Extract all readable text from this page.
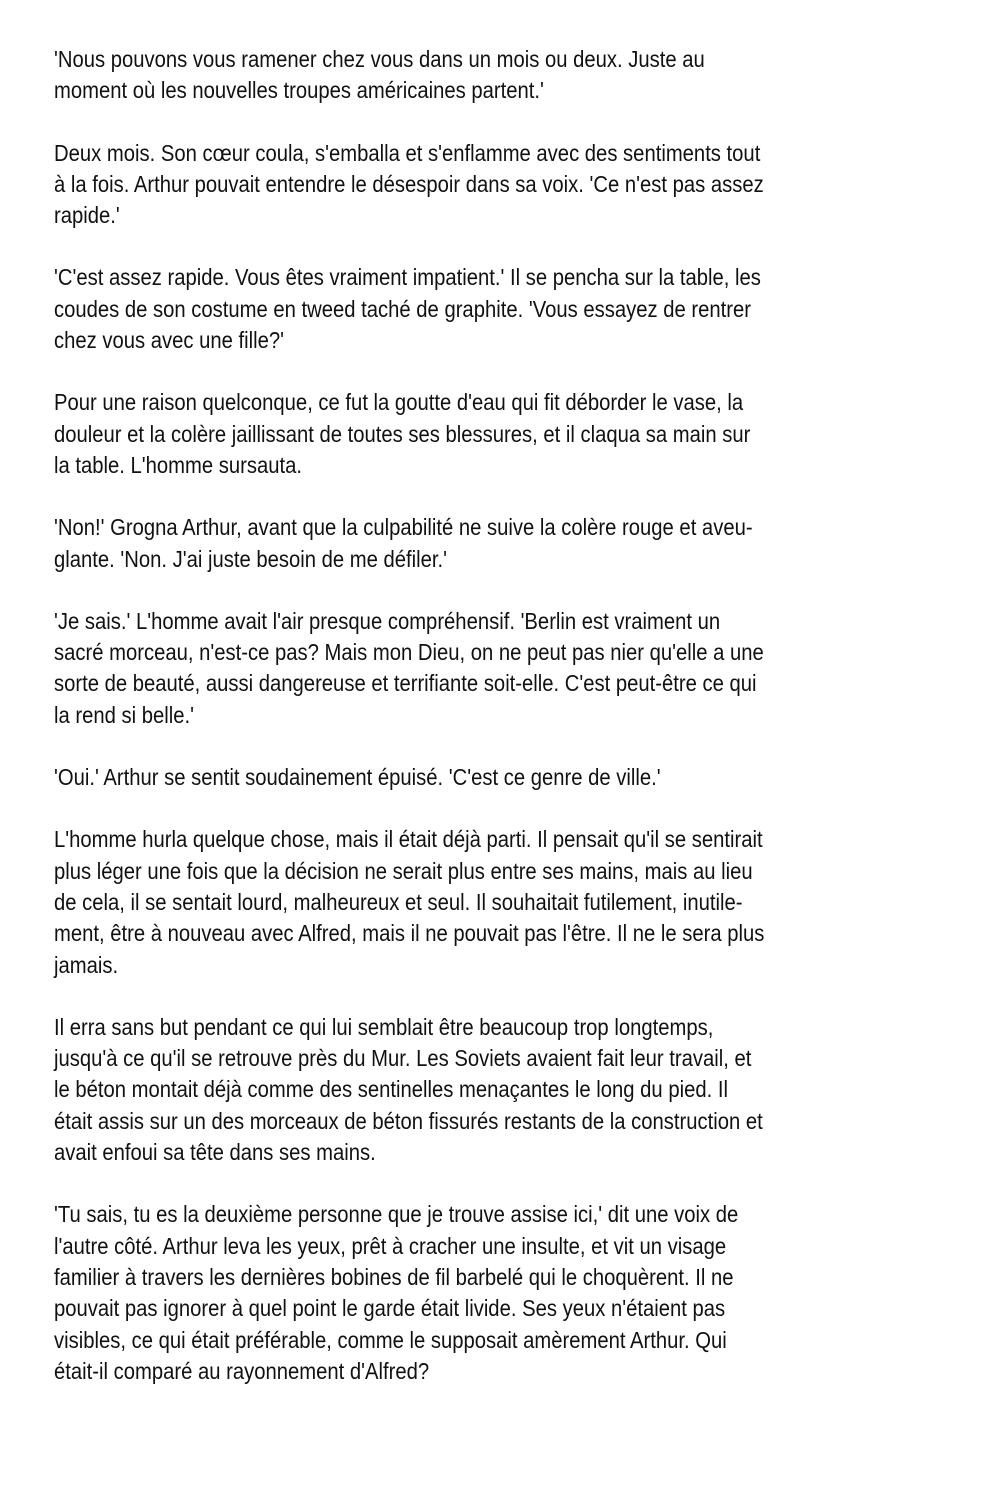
'Nous pouvons vous ramener chez vous dans un mois ou deux. Juste au
moment où les nouvelles troupes américaines partent.'

Deux mois. Son cœur coula, s'emballa et s'enflamme avec des sentiments tout
à la fois. Arthur pouvait entendre le désespoir dans sa voix. 'Ce n'est pas assez
rapide.'

'C'est assez rapide. Vous êtes vraiment impatient.' Il se pencha sur la table, les
coudes de son costume en tweed taché de graphite. 'Vous essayez de rentrer
chez vous avec une fille?'

Pour une raison quelconque, ce fut la goutte d'eau qui fit déborder le vase, la
douleur et la colère jaillissant de toutes ses blessures, et il claqua sa main sur
la table. L'homme sursauta.

'Non!' Grogna Arthur, avant que la culpabilité ne suive la colère rouge et aveu-
glante. 'Non. J'ai juste besoin de me défiler.'

'Je sais.' L'homme avait l'air presque compréhensif. 'Berlin est vraiment un
sacré morceau, n'est-ce pas? Mais mon Dieu, on ne peut pas nier qu'elle a une
sorte de beauté, aussi dangereuse et terrifiante soit-elle. C'est peut-être ce qui
la rend si belle.'

'Oui.' Arthur se sentit soudainement épuisé. 'C'est ce genre de ville.'

L'homme hurla quelque chose, mais il était déjà parti. Il pensait qu'il se sentirait
plus léger une fois que la décision ne serait plus entre ses mains, mais au lieu
de cela, il se sentait lourd, malheureux et seul. Il souhaitait futilement, inutile-
ment, être à nouveau avec Alfred, mais il ne pouvait pas l'être. Il ne le sera plus
jamais.

Il erra sans but pendant ce qui lui semblait être beaucoup trop longtemps,
jusqu'à ce qu'il se retrouve près du Mur. Les Soviets avaient fait leur travail, et
le béton montait déjà comme des sentinelles menaçantes le long du pied. Il
était assis sur un des morceaux de béton fissurés restants de la construction et
avait enfoui sa tête dans ses mains.

'Tu sais, tu es la deuxième personne que je trouve assise ici,' dit une voix de
l'autre côté. Arthur leva les yeux, prêt à cracher une insulte, et vit un visage
familier à travers les dernières bobines de fil barbelé qui le choquèrent. Il ne
pouvait pas ignorer à quel point le garde était livide. Ses yeux n'étaient pas
visibles, ce qui était préférable, comme le supposait amèrement Arthur. Qui
était-il comparé au rayonnement d'Alfred?
